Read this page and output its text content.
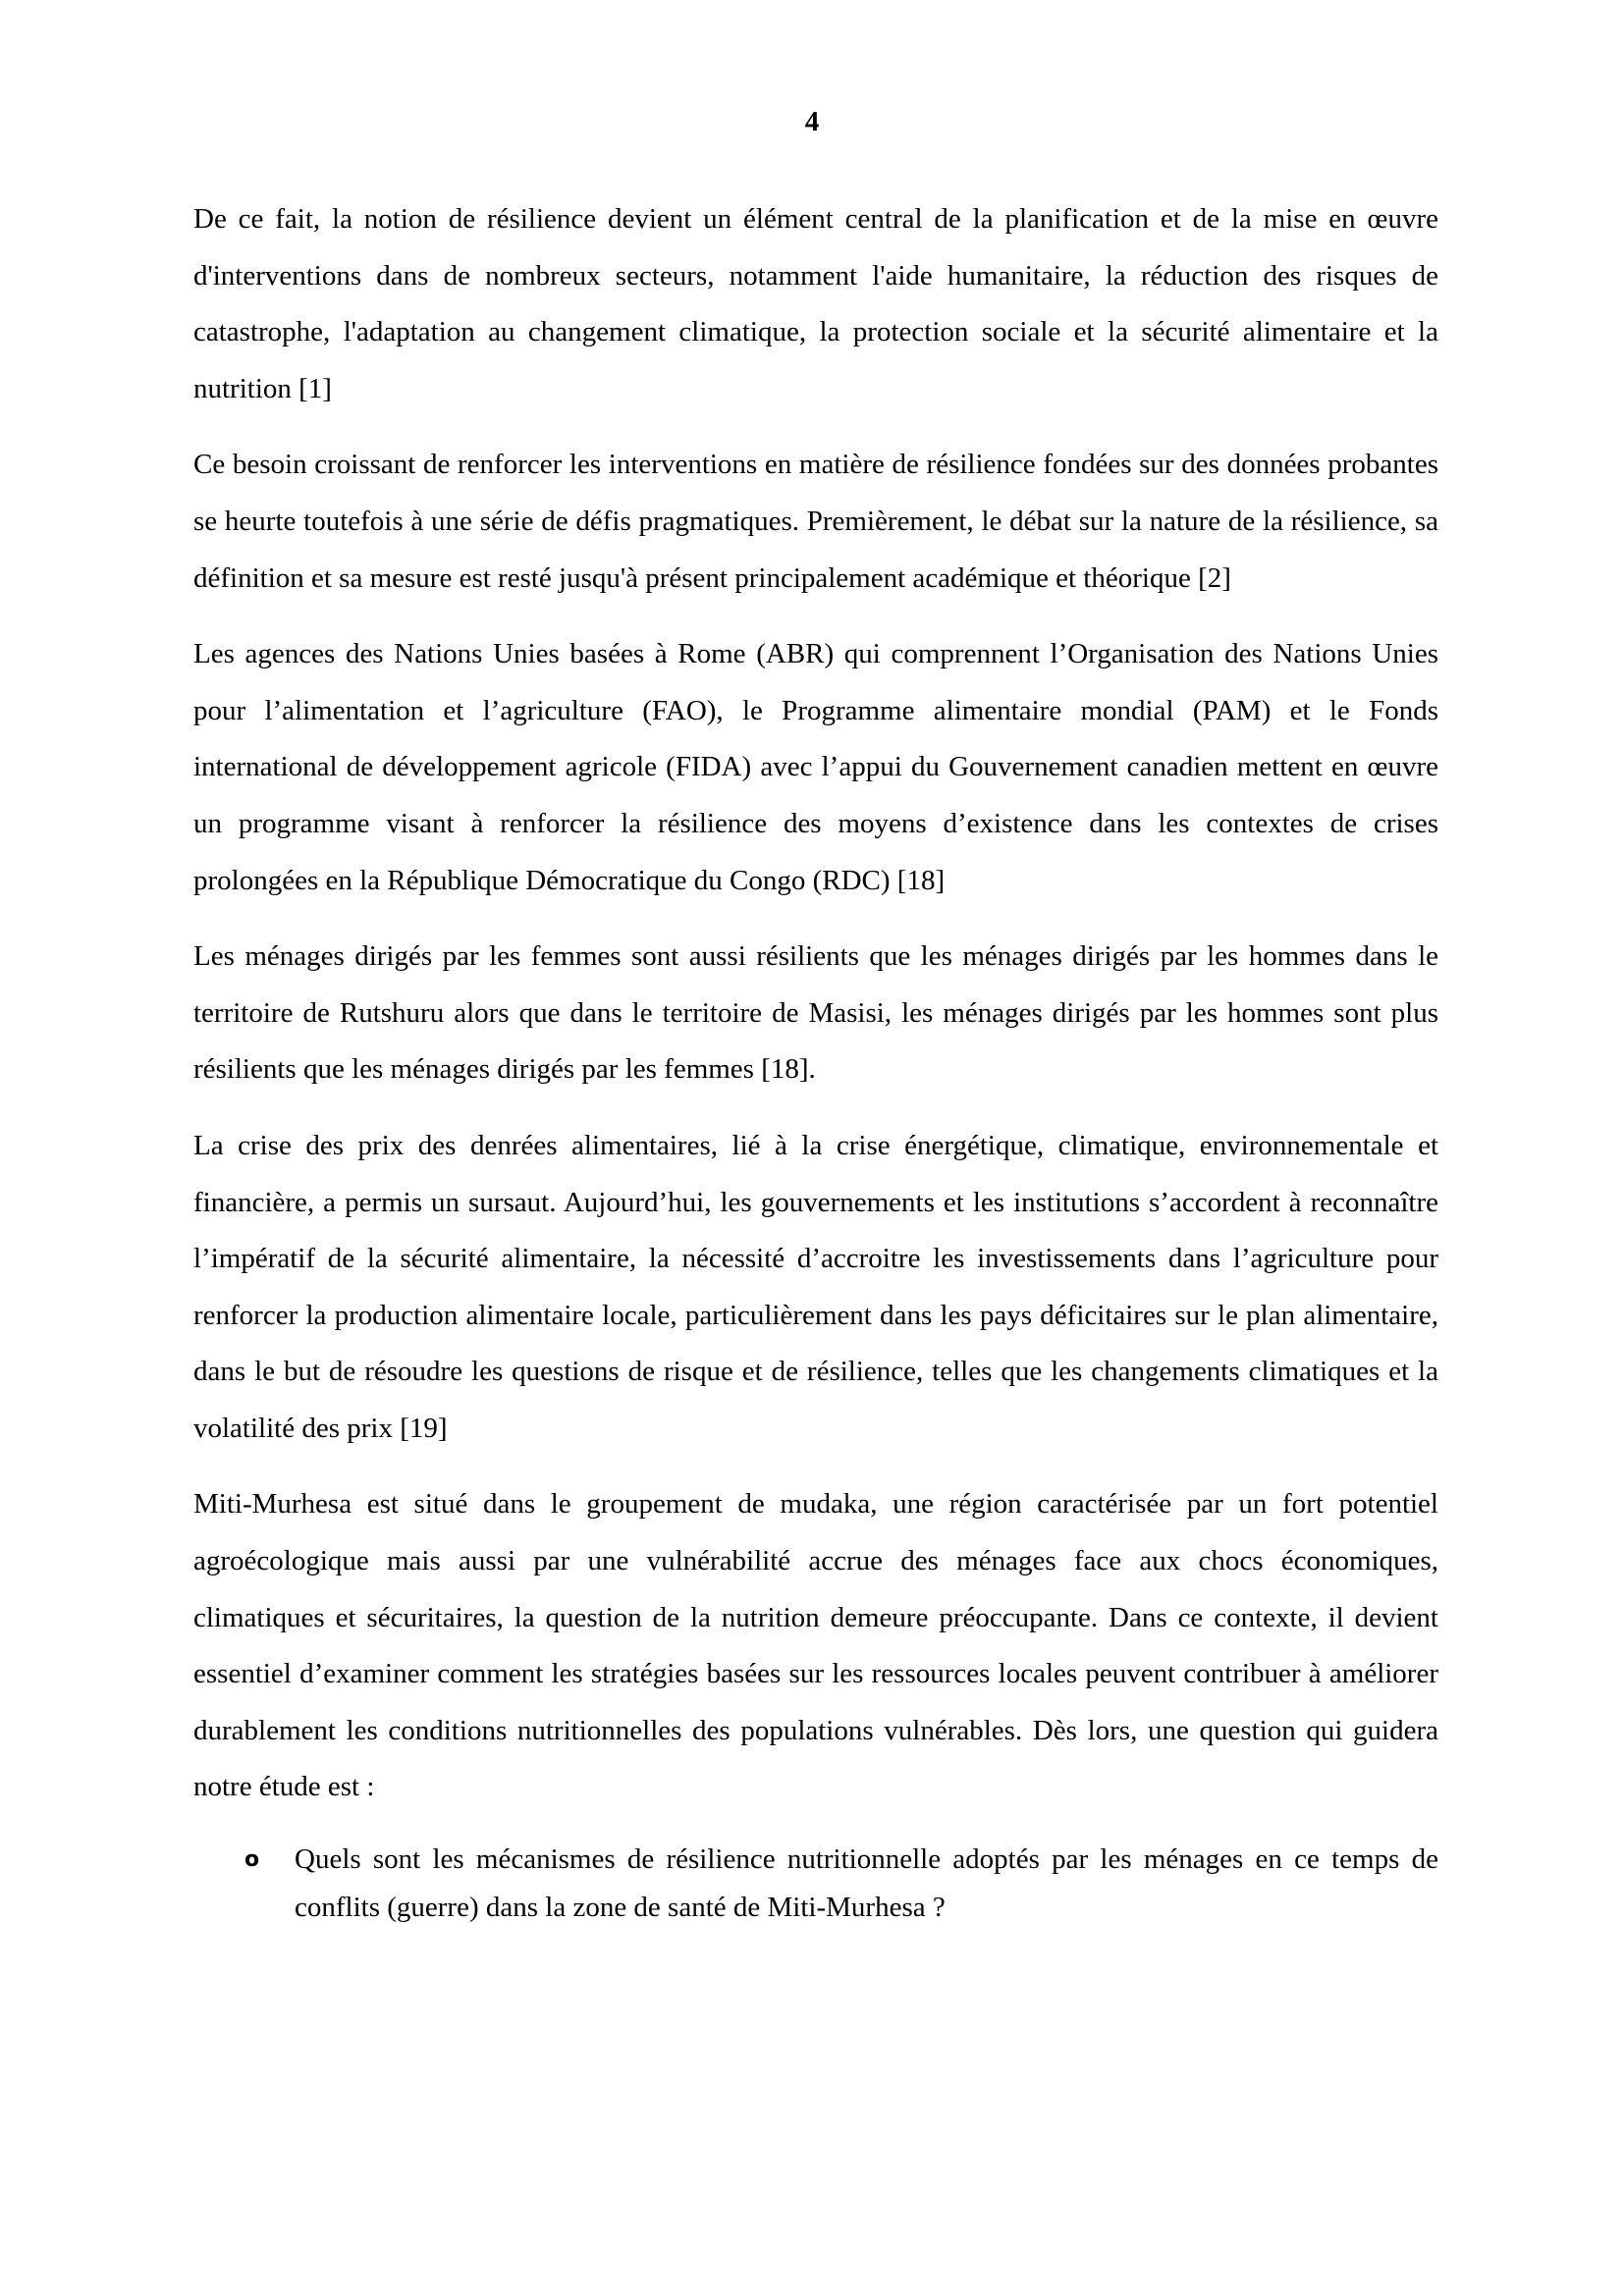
4

De ce fait, la notion de résilience devient un élément central de la planification et de la mise en œuvre d'interventions dans de nombreux secteurs, notamment l'aide humanitaire, la réduction des risques de catastrophe, l'adaptation au changement climatique, la protection sociale et la sécurité alimentaire et la nutrition [1]

Ce besoin croissant de renforcer les interventions en matière de résilience fondées sur des données probantes se heurte toutefois à une série de défis pragmatiques. Premièrement, le débat sur la nature de la résilience, sa définition et sa mesure est resté jusqu'à présent principalement académique et théorique [2]

Les agences des Nations Unies basées à Rome (ABR) qui comprennent l’Organisation des Nations Unies pour l’alimentation et l’agriculture (FAO), le Programme alimentaire mondial (PAM) et le Fonds international de développement agricole (FIDA) avec l’appui du Gouvernement canadien mettent en œuvre un programme visant à renforcer la résilience des moyens d’existence dans les contextes de crises prolongées en la République Démocratique du Congo (RDC) [18]

Les ménages dirigés par les femmes sont aussi résilients que les ménages dirigés par les hommes dans le territoire de Rutshuru alors que dans le territoire de Masisi, les ménages dirigés par les hommes sont plus résilients que les ménages dirigés par les femmes [18].

La crise des prix des denrées alimentaires, lié à la crise énergétique, climatique, environnementale et financière, a permis un sursaut. Aujourd’hui, les gouvernements et les institutions s’accordent à reconnaître l’impératif de la sécurité alimentaire, la nécessité d’accroitre les investissements dans l’agriculture pour renforcer la production alimentaire locale, particulièrement dans les pays déficitaires sur le plan alimentaire, dans le but de résoudre les questions de risque et de résilience, telles que les changements climatiques et la volatilité des prix [19]

Miti-Murhesa est situé dans le groupement de mudaka, une région caractérisée par un fort potentiel agroécologique mais aussi par une vulnérabilité accrue des ménages face aux chocs économiques, climatiques et sécuritaires, la question de la nutrition demeure préoccupante. Dans ce contexte, il devient essentiel d’examiner comment les stratégies basées sur les ressources locales peuvent contribuer à améliorer durablement les conditions nutritionnelles des populations vulnérables. Dès lors, une question qui guidera notre étude est :

o Quels sont les mécanismes de résilience nutritionnelle adoptés par les ménages en ce temps de conflits (guerre) dans la zone de santé de Miti-Murhesa ?
